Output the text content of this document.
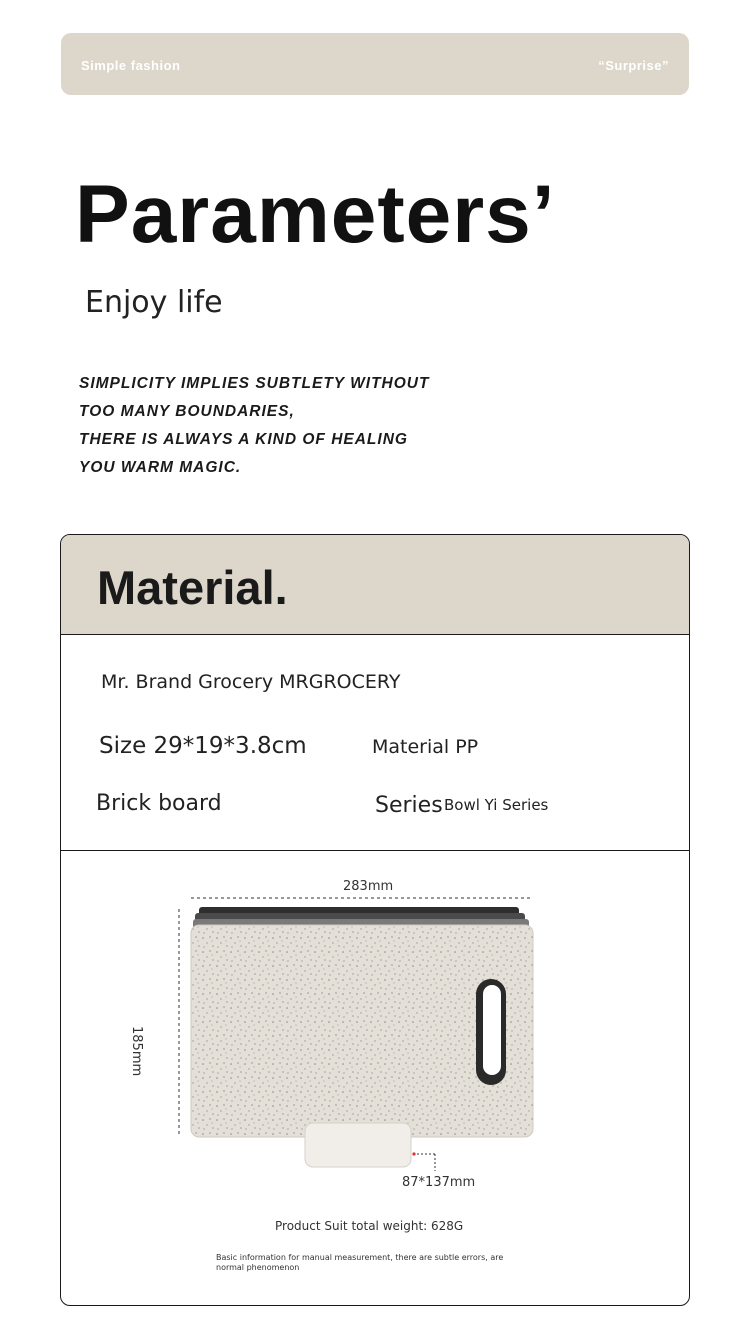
Simple fashion	“Surprise”
Parameters’
Enjoy life
SIMPLICITY IMPLIES SUBTLETY WITHOUT
TOO MANY BOUNDARIES,
THERE IS ALWAYS A KIND OF HEALING
YOU WARM MAGIC.
Material.
Mr. Brand Grocery MRGROCERY
Size 29*19*3.8cm	Material PP
Brick board	Series Bowl Yi Series
283mm
185mm
87*137mm
Product Suit total weight: 628G
Basic information for manual measurement, there are subtle errors, are
normal phenomenon
